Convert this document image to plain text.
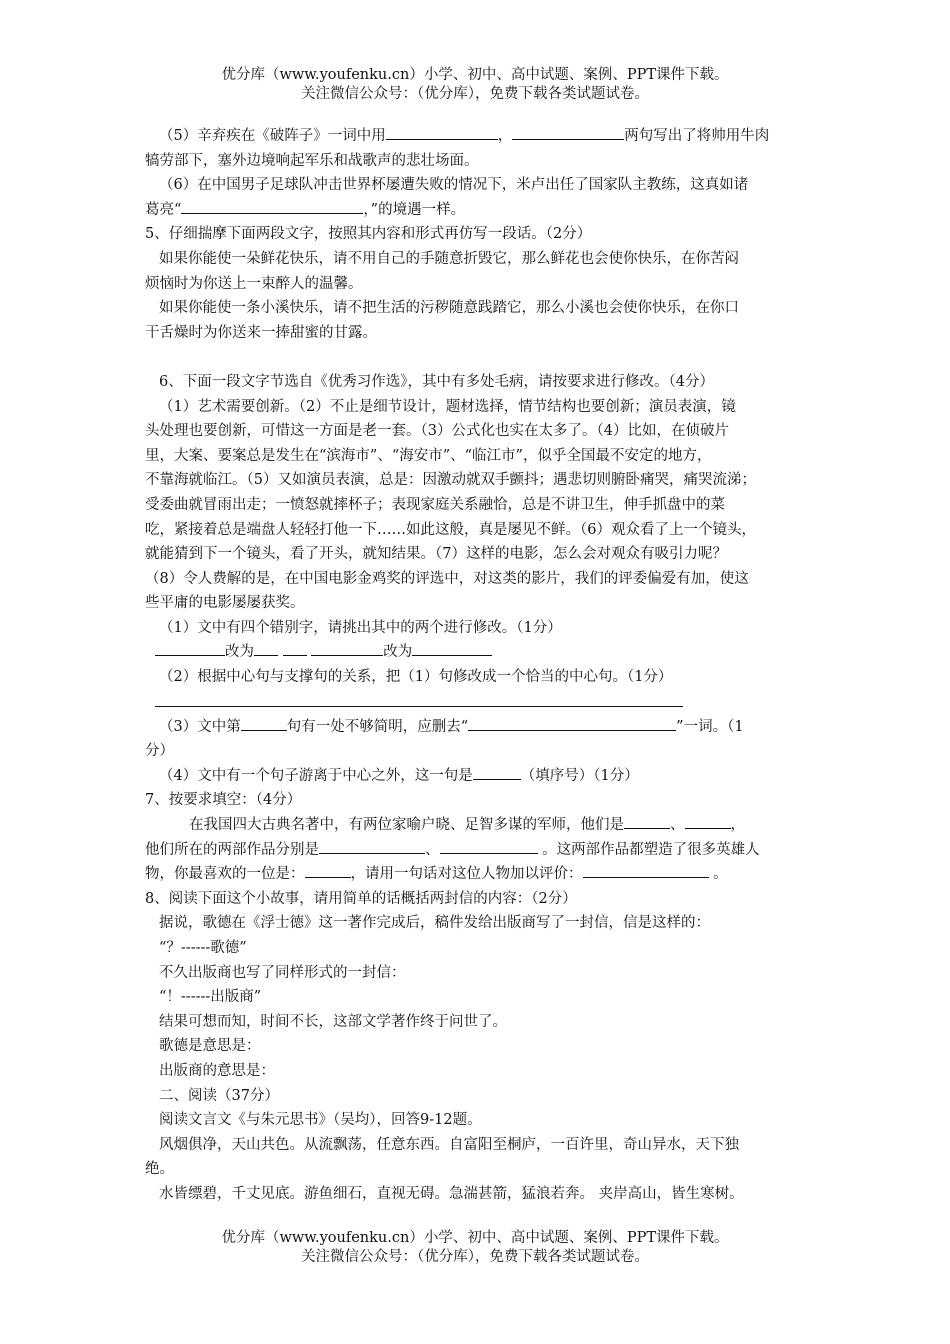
优分库（www.youfenku.cn）小学、初中、高中试题、案例、PPT课件下载。
关注微信公众号：（优分库），免费下载各类试题试卷。

（5）辛弃疾在《破阵子》一词中用	，	两句写出了将帅用牛肉

犒劳部下，塞外边境响起军乐和战歌声的悲壮场面。

（6）在中国男子足球队冲击世界杯屡遭失败的情况下，米卢出任了国家队主教练，这真如诸

葛亮“	，”的境遇一样。

5、仔细揣摩下面两段文字，按照其内容和形式再仿写一段话。（2分）

如果你能使一朵鲜花快乐，请不用自己的手随意折毁它，那么鲜花也会使你快乐，在你苦闷

烦恼时为你送上一束醉人的温馨。

如果你能使一条小溪快乐，请不把生活的污秽随意践踏它，那么小溪也会使你快乐，在你口

干舌燥时为你送来一捧甜蜜的甘露。

6、下面一段文字节选自《优秀习作选》，其中有多处毛病，请按要求进行修改。（4分）

（1）艺术需要创新。（2）不止是细节设计，题材选择，情节结构也要创新；演员表演，镜

头处理也要创新，可惜这一方面是老一套。（3）公式化也实在太多了。（4）比如，在侦破片

里，大案、要案总是发生在“滨海市”、“海安市”、“临江市”，似乎全国最不安定的地方，

不靠海就临江。（5）又如演员表演，总是：因激动就双手颤抖；遇悲切则腑卧痛哭，痛哭流涕；

受委曲就冒雨出走；一愤怒就摔杯子；表现家庭关系融恰，总是不讲卫生，伸手抓盘中的菜

吃，紧接着总是端盘人轻轻打他一下……如此这般，真是屡见不鲜。（6）观众看了上一个镜头，

就能猜到下一个镜头，看了开头，就知结果。（7）这样的电影，怎么会对观众有吸引力呢？

（8）令人费解的是，在中国电影金鸡奖的评选中，对这类的影片，我们的评委偏爱有加，使这

些平庸的电影屡屡获奖。

（1）文中有四个错别字，请挑出其中的两个进行修改。（1分）

改为	改为

（2）根据中心句与支撑句的关系，把（1）句修改成一个恰当的中心句。（1分）

（3）文中第	句有一处不够简明，应删去“	”一词。（1

分）

（4）文中有一个句子游离于中心之外，这一句是	（填序号）（1分）

7、按要求填空：（4分）

在我国四大古典名著中，有两位家喻户晓、足智多谋的军师，他们是	、	，

他们所在的两部作品分别是	、	。这两部作品都塑造了很多英雄人

物，你最喜欢的一位是：	，请用一句话对这位人物加以评价：	。

8、阅读下面这个小故事，请用简单的话概括两封信的内容：（2分）

据说，歌德在《浮士德》这一著作完成后，稿件发给出版商写了一封信，信是这样的：

“？------歌德”

不久出版商也写了同样形式的一封信：

“！------出版商”

结果可想而知，时间不长，这部文学著作终于问世了。

歌德是意思是：

出版商的意思是：

二、阅读（37分）

阅读文言文《与朱元思书》（吴均），回答9-12题。

风烟俱净，天山共色。从流飘荡，任意东西。自富阳至桐庐，一百许里，奇山异水，天下独

绝。

水皆缥碧，千丈见底。游鱼细石，直视无碍。急湍甚箭，猛浪若奔。 夹岸高山，皆生寒树。

优分库（www.youfenku.cn）小学、初中、高中试题、案例、PPT课件下载。
关注微信公众号：（优分库），免费下载各类试题试卷。
